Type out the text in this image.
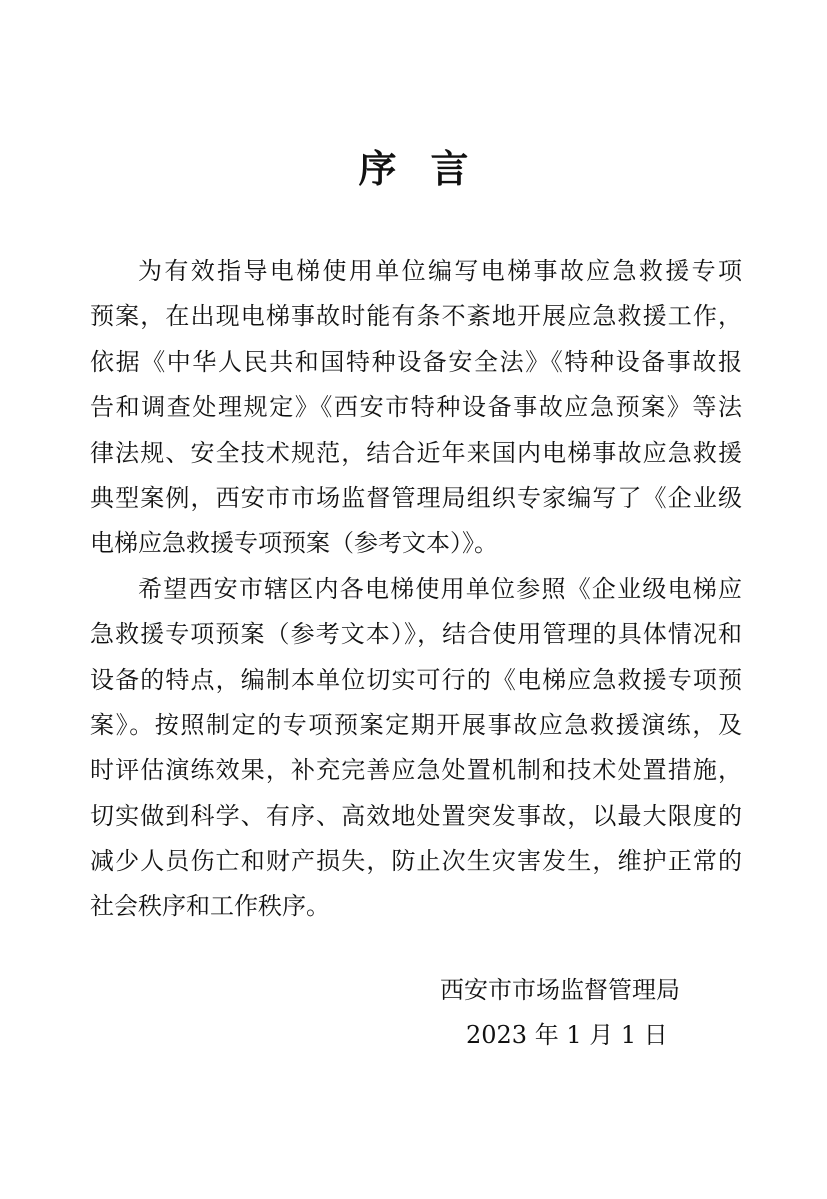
序言
为有效指导电梯使用单位编写电梯事故应急救援专项
预案，在出现电梯事故时能有条不紊地开展应急救援工作，
依据《中华人民共和国特种设备安全法》《特种设备事故报
告和调查处理规定》《西安市特种设备事故应急预案》等法
律法规、安全技术规范，结合近年来国内电梯事故应急救援
典型案例，西安市市场监督管理局组织专家编写了《企业级
电梯应急救援专项预案（参考文本）》。
希望西安市辖区内各电梯使用单位参照《企业级电梯应
急救援专项预案（参考文本）》，结合使用管理的具体情况和
设备的特点，编制本单位切实可行的《电梯应急救援专项预
案》。按照制定的专项预案定期开展事故应急救援演练，及
时评估演练效果，补充完善应急处置机制和技术处置措施，
切实做到科学、有序、高效地处置突发事故，以最大限度的
减少人员伤亡和财产损失，防止次生灾害发生，维护正常的
社会秩序和工作秩序。
西安市市场监督管理局
2023 年 1 月 1 日
